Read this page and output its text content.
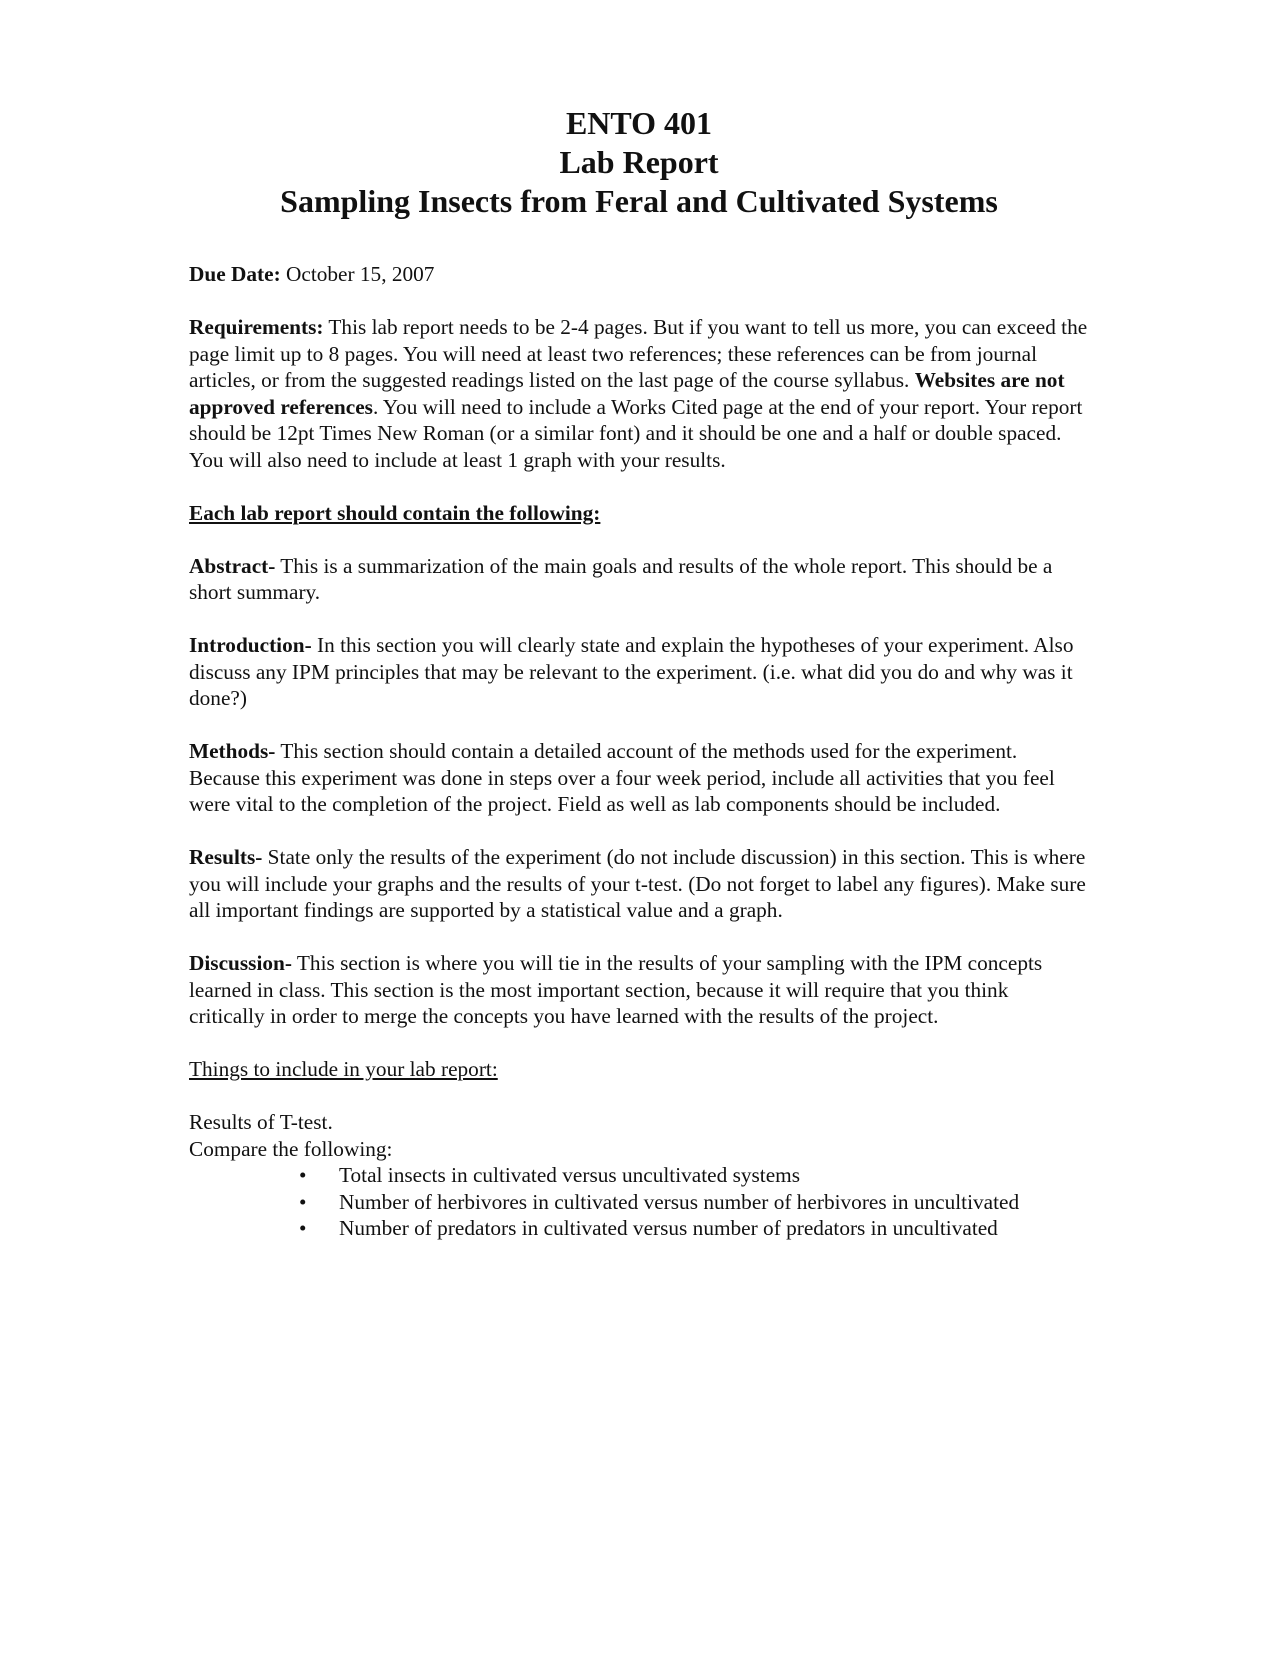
ENTO 401
Lab Report
Sampling Insects from Feral and Cultivated Systems

Due Date: October 15, 2007

Requirements: This lab report needs to be 2-4 pages. But if you want to tell us more, you can exceed the page limit up to 8 pages. You will need at least two references; these references can be from journal articles, or from the suggested readings listed on the last page of the course syllabus. Websites are not approved references. You will need to include a Works Cited page at the end of your report. Your report should be 12pt Times New Roman (or a similar font) and it should be one and a half or double spaced. You will also need to include at least 1 graph with your results.

Each lab report should contain the following:

Abstract- This is a summarization of the main goals and results of the whole report. This should be a short summary.

Introduction- In this section you will clearly state and explain the hypotheses of your experiment. Also discuss any IPM principles that may be relevant to the experiment. (i.e. what did you do and why was it done?)

Methods- This section should contain a detailed account of the methods used for the experiment. Because this experiment was done in steps over a four week period, include all activities that you feel were vital to the completion of the project. Field as well as lab components should be included.

Results- State only the results of the experiment (do not include discussion) in this section. This is where you will include your graphs and the results of your t-test. (Do not forget to label any figures). Make sure all important findings are supported by a statistical value and a graph.

Discussion- This section is where you will tie in the results of your sampling with the IPM concepts learned in class. This section is the most important section, because it will require that you think critically in order to merge the concepts you have learned with the results of the project.

Things to include in your lab report:

Results of T-test.

Compare the following:

• Total insects in cultivated versus uncultivated systems
• Number of herbivores in cultivated versus number of herbivores in uncultivated
• Number of predators in cultivated versus number of predators in uncultivated
